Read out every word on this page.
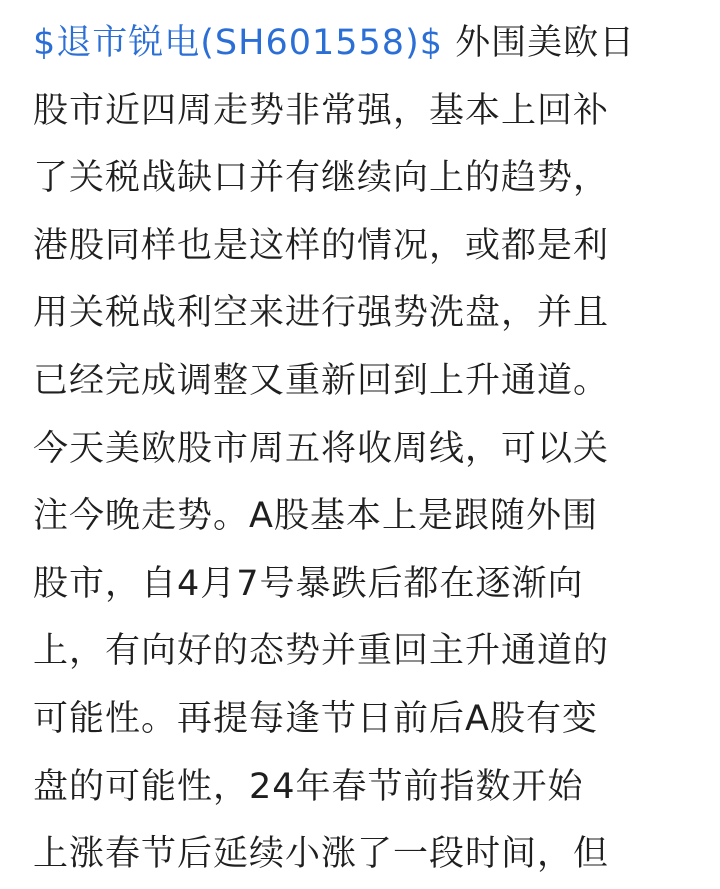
$退市锐电(SH601558)$ 外围美欧日
股市近四周走势非常强，基本上回补
了关税战缺口并有继续向上的趋势，
港股同样也是这样的情况，或都是利
用关税战利空来进行强势洗盘，并且
已经完成调整又重新回到上升通道。
今天美欧股市周五将收周线，可以关
注今晚走势。A股基本上是跟随外围
股市，自4月7号暴跌后都在逐渐向
上，有向好的态势并重回主升通道的
可能性。再提每逢节日前后A股有变
盘的可能性，24年春节前指数开始
上涨春节后延续小涨了一段时间，但
